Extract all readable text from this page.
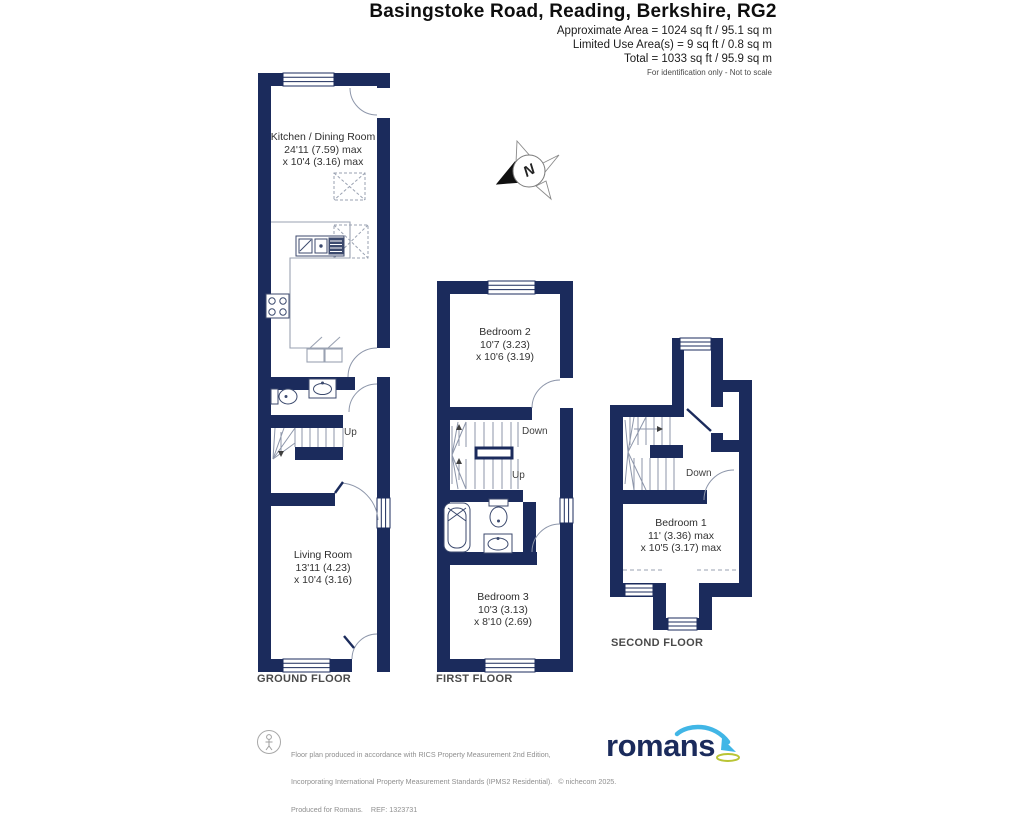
Basingstoke Road, Reading, Berkshire, RG2
Approximate Area = 1024 sq ft / 95.1 sq m
Limited Use Area(s) = 9 sq ft / 0.8 sq m
Total = 1033 sq ft / 95.9 sq m
For identification only - Not to scale
N
Kitchen / Dining Room
24'11 (7.59) max
x 10'4 (3.16) max
Living Room
13'11 (4.23)
x 10'4 (3.16)
Bedroom 2
10'7 (3.23)
x 10'6 (3.19)
Bedroom 3
10'3 (3.13)
x 8'10 (2.69)
Bedroom 1
11' (3.36) max
x 10'5 (3.17) max
Up	Down
Up	Down
GROUND FLOOR	FIRST FLOOR
SECOND FLOOR

Floor plan produced in accordance with RICS Property Measurement 2nd Edition,

Incorporating International Property Measurement Standards (IPMS2 Residential).   © nichecom 2025.

Produced for Romans.    REF: 1323731

romans
